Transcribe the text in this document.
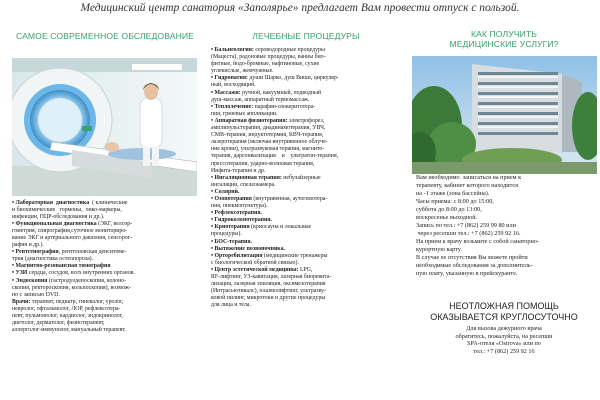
Медицинский центр санатория «Заполярье» предлагает Вам провести отпуск с пользой.
САМОЕ СОВРЕМЕННОЕ ОБСЛЕДОВАНИЕ
• Лабораторная  диагностика  ( клинические
и биохимические   гормоны,  онко-маркеры,
инфекции, ПЦР-обследования и др.).
• Функциональная диагностика (ЭКГ, велоэр-
гометрия, спирография,суточное мониториро-
вание ЭКГ и артериального давления, сенсорог-
рафия и др.).
• Рентгенография, рентгеновская денситоме-
трия (диагностика остеопороза).
• Магнитно-резонансная томография
• УЗИ сердца, сосудов, всех внутренних органов.
• Эндоскопия (гастродуоденоскопия, колоно-
скопия, ректороскопия, кольпоскопия), возмож-
но с записью DVD.
Врачи: терапевт, педиатр, гинеколог, уролог,
невролог, офтальмолог, ЛОР, рефлексотера-
певт, пульмонолог, кардиолог, эндокринолог,
диетолог, дерматолог, физиотерапевт,
аллерголог-иммунолог, мануальный терапевт.
ЛЕЧЕБНЫЕ ПРОЦЕДУРЫ
• Бальнеология: сероводородные процедуры
(Мацеста), радоновые процедуры, ванны био-
фитные, йодо-бромные, нафтиновые, сухие
углекислые, жемчужные.
• Гидропатия: души Шарко, душ Виши, циркуляр-
ный, восходящий.
• Массажи: ручной, вакуумный, подводный
душ-массаж, аппаратный термомассаж.
• Теплолечение: парафин-озокеритотера-
пия, грязевые аппликации.
• Аппаратная физиотерапия: электрофорез,
амплипульстерапия, диадинамотерапия, УВЧ,
СМВ-терапия, индуктотермия, КВЧ-терапия,
лазеротерапия (включая внутривенное облуче-
ние крови), ультразвуковая терапия, магнито-
терапия, дарсонвализация    и    ультратон-терапия,
прессотерапия, ударно-волновая терапия,
Инфита-терапия и др.
• Ингаляционная терапия: небулайзерные
ингаляции, спелеокамера.
• Солярий.
• Озонотерапия (внутривенная, аутогемотера-
пия, пнекмопунктура).
• Рефлексотерапия.
• Гидроколонотерапия.
• Криотерапия (криосауна и локальные
процедуры).
• БОС-терапия.
• Вытяжение позвоночника.
• Орторебилитация (медицинские тренажеры
с биологической обратной связью).
• Центр эстетической медицины: LPG,
RF-лифтинг, УЗ-кавитация, лазерная биоревита-
лизация, лазерная эпиляция, оксимезотерапия
(Интрасьютикалс), плазмолифтинг, ультразву-
ковой пилинг, микротоки и другие процедуры
для лица и тела.
КАК ПОЛУЧИТЬ
МЕДИЦИНСКИЕ УСЛУГИ?
Вам необходимо  записаться на прием к
терапевту, кабинет которого находится
на -1 этаже (зона бассейна).
Часы приема: с 8:00 до 15:00,
суббота до 8:00 до 13:00,
воскресенье выходной.
Запись по тел.: +7 (862) 259 99 80 или
через ресепшн тел.: +7 (862) 259 92 16.
На прием к врачу возьмите с собой санаторно-
курортную карту.
В случае ее отсутствия Вы можете пройти
необходимые обследования за дополнитель-
ную плату, указанную в прейскуранте.
НЕОТЛОЖНАЯ ПОМОЩЬ
ОКАЗЫВАЕТСЯ КРУГЛОСУТОЧНО
Для вызова дежурного врача
обратитесь, пожалуйста, на ресепшн
SPA-отеля «Ostrova» или по
тел.: +7 (862) 259 92 16
